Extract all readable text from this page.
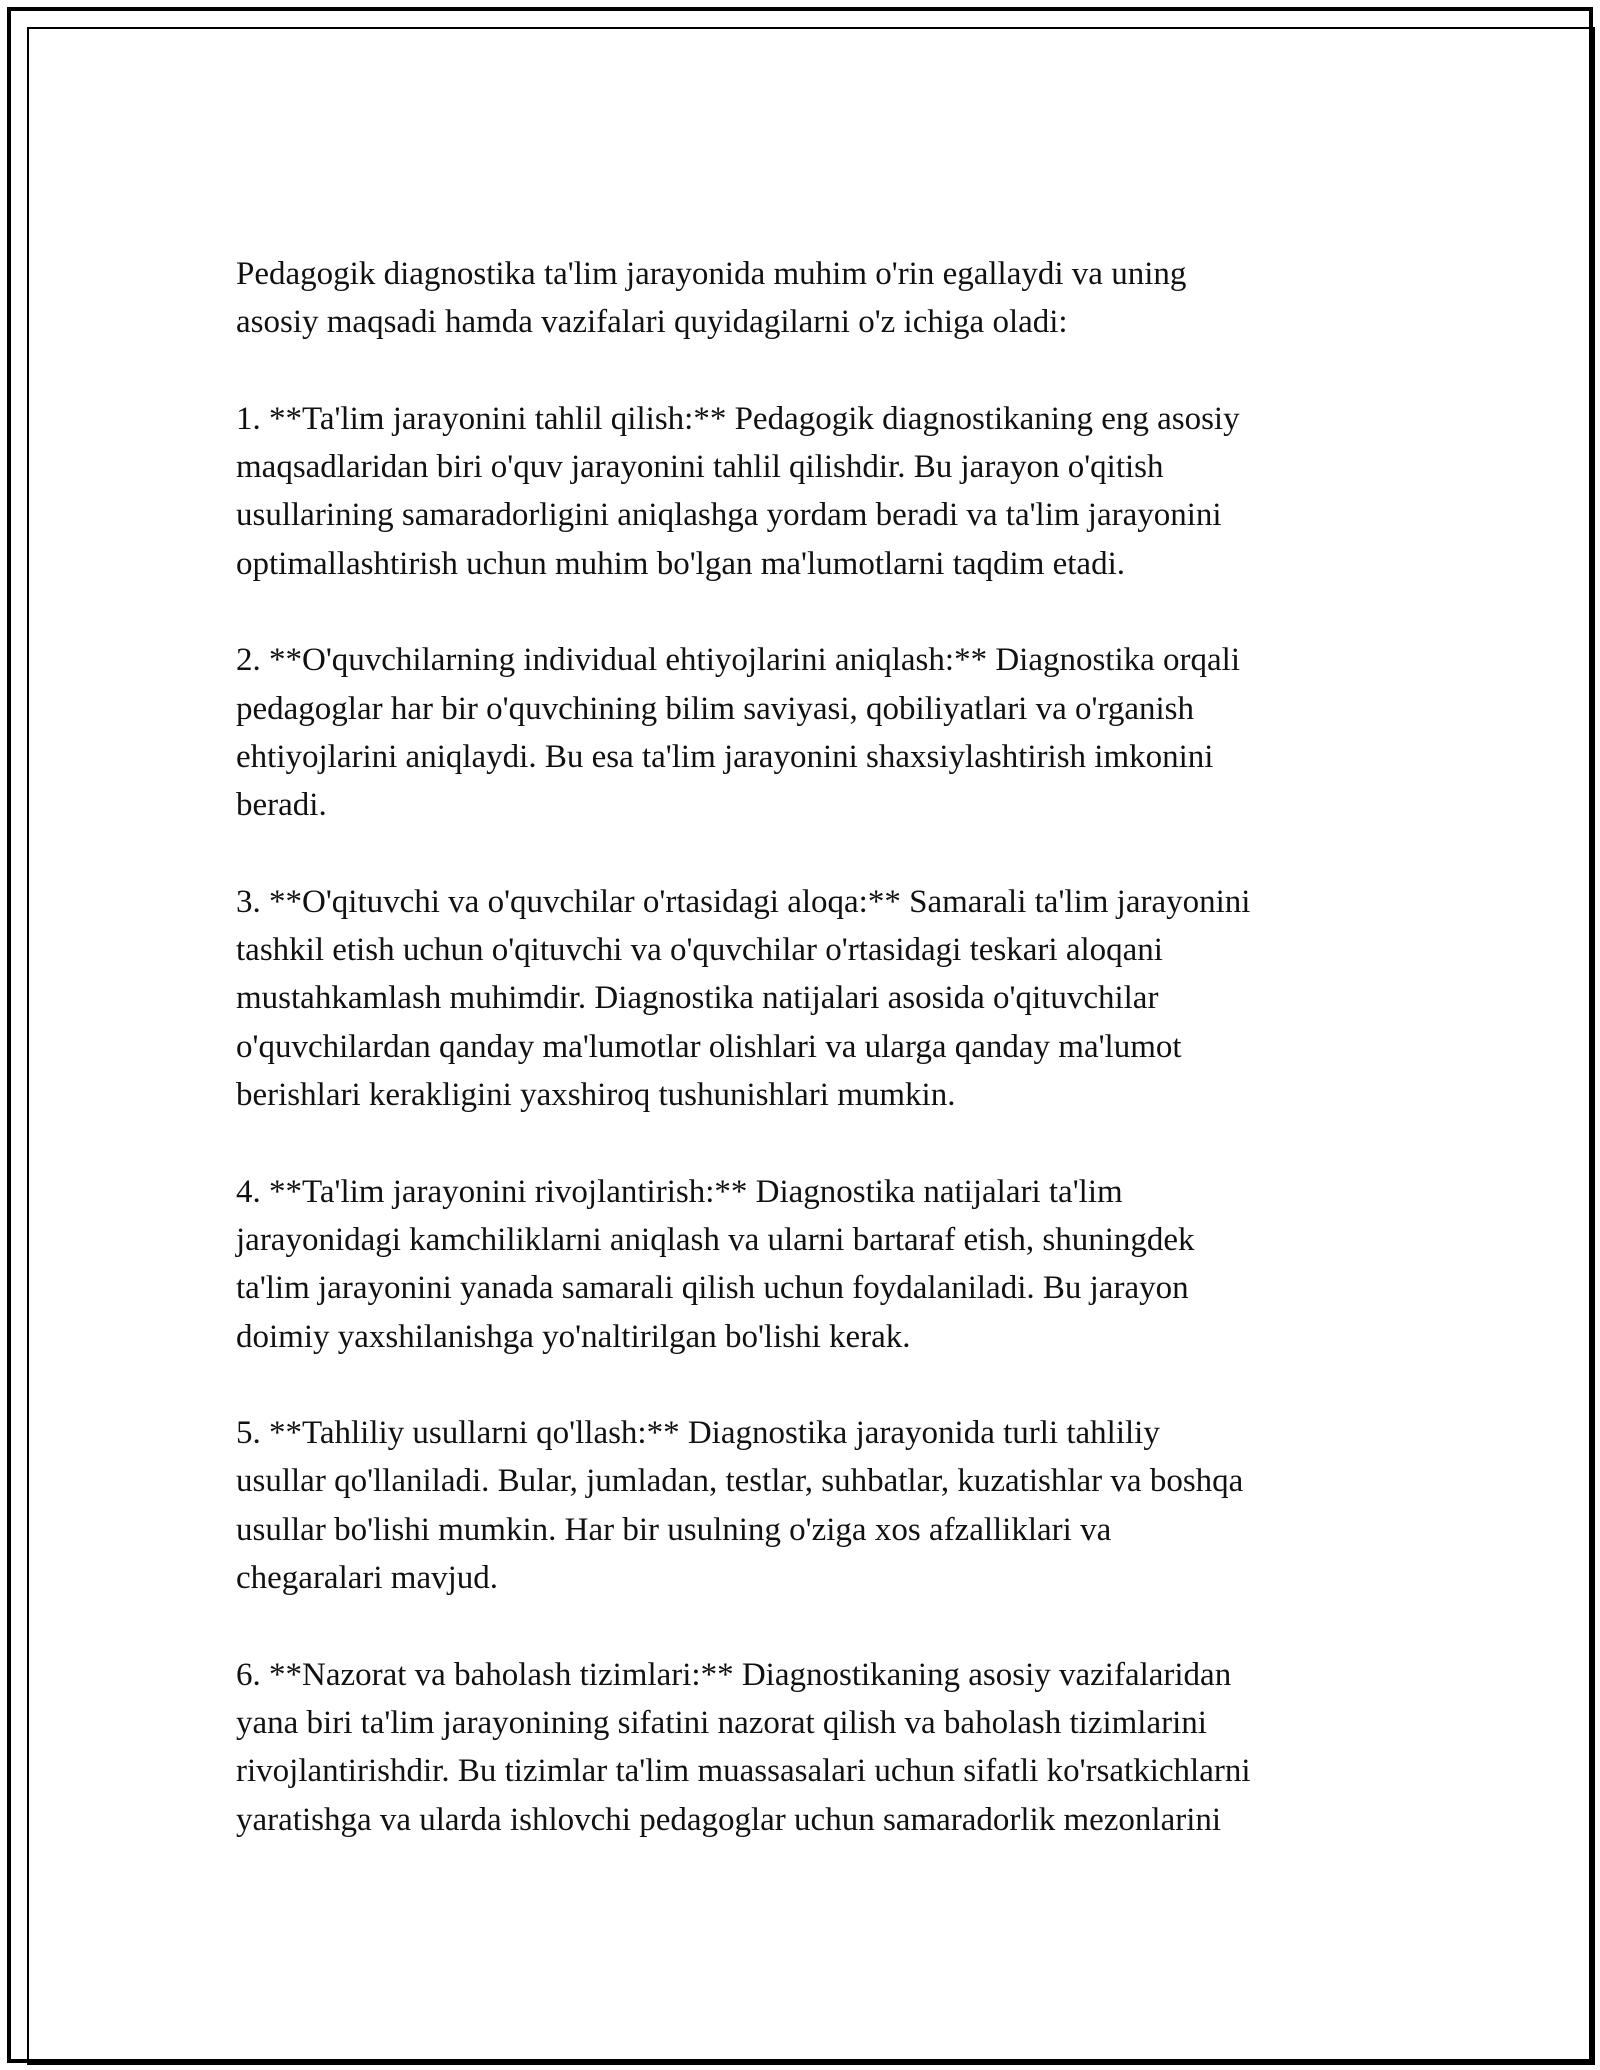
Pedagogik diagnostika ta'lim jarayonida muhim o'rin egallaydi va uning
asosiy maqsadi hamda vazifalari quyidagilarni o'z ichiga oladi:

1. **Ta'lim jarayonini tahlil qilish:** Pedagogik diagnostikaning eng asosiy
maqsadlaridan biri o'quv jarayonini tahlil qilishdir. Bu jarayon o'qitish
usullarining samaradorligini aniqlashga yordam beradi va ta'lim jarayonini
optimallashtirish uchun muhim bo'lgan ma'lumotlarni taqdim etadi.

2. **O'quvchilarning individual ehtiyojlarini aniqlash:** Diagnostika orqali
pedagoglar har bir o'quvchining bilim saviyasi, qobiliyatlari va o'rganish
ehtiyojlarini aniqlaydi. Bu esa ta'lim jarayonini shaxsiylashtirish imkonini
beradi.

3. **O'qituvchi va o'quvchilar o'rtasidagi aloqa:** Samarali ta'lim jarayonini
tashkil etish uchun o'qituvchi va o'quvchilar o'rtasidagi teskari aloqani
mustahkamlash muhimdir. Diagnostika natijalari asosida o'qituvchilar
o'quvchilardan qanday ma'lumotlar olishlari va ularga qanday ma'lumot
berishlari kerakligini yaxshiroq tushunishlari mumkin.

4. **Ta'lim jarayonini rivojlantirish:** Diagnostika natijalari ta'lim
jarayonidagi kamchiliklarni aniqlash va ularni bartaraf etish, shuningdek
ta'lim jarayonini yanada samarali qilish uchun foydalaniladi. Bu jarayon
doimiy yaxshilanishga yo'naltirilgan bo'lishi kerak.

5. **Tahliliy usullarni qo'llash:** Diagnostika jarayonida turli tahliliy
usullar qo'llaniladi. Bular, jumladan, testlar, suhbatlar, kuzatishlar va boshqa
usullar bo'lishi mumkin. Har bir usulning o'ziga xos afzalliklari va
chegaralari mavjud.

6. **Nazorat va baholash tizimlari:** Diagnostikaning asosiy vazifalaridan
yana biri ta'lim jarayonining sifatini nazorat qilish va baholash tizimlarini
rivojlantirishdir. Bu tizimlar ta'lim muassasalari uchun sifatli ko'rsatkichlarni
yaratishga va ularda ishlovchi pedagoglar uchun samaradorlik mezonlarini
